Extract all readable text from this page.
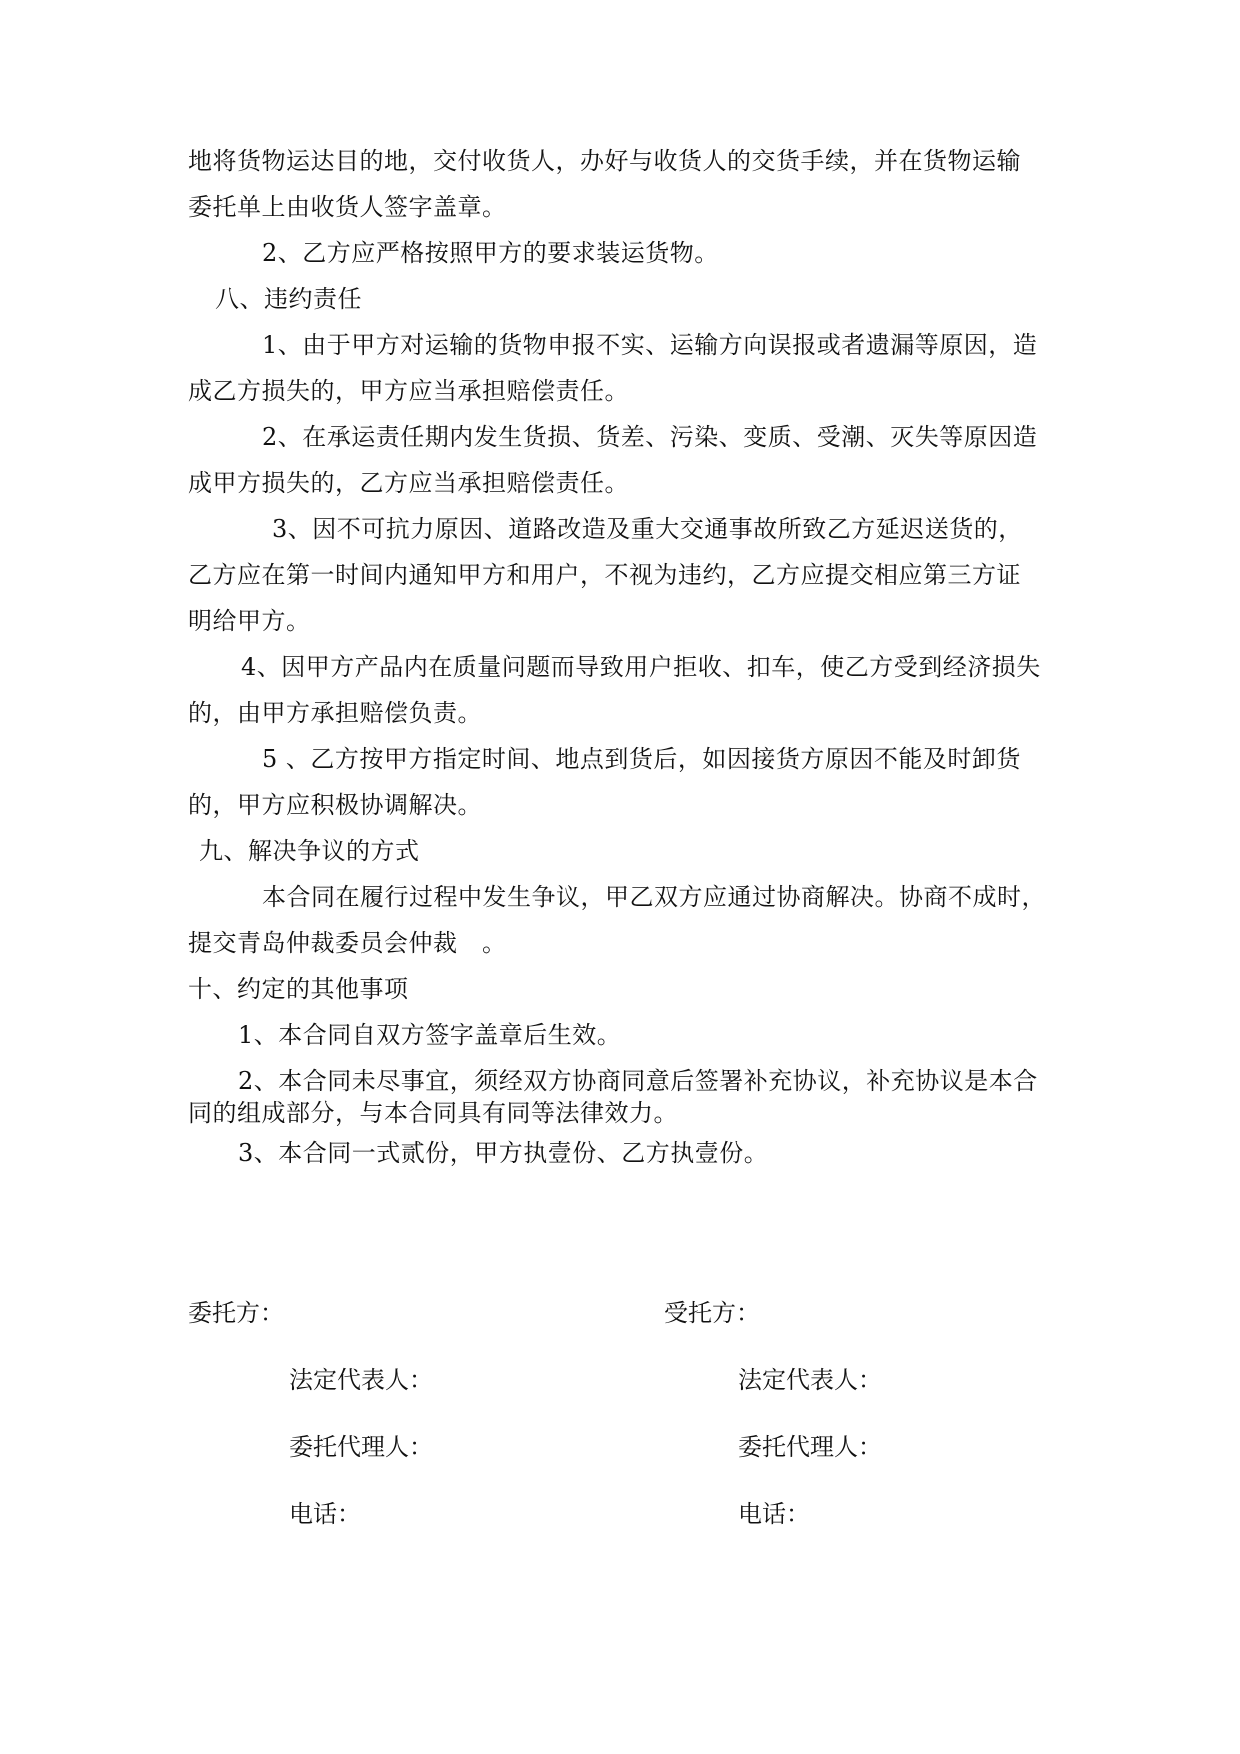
地将货物运达目的地，交付收货人，办好与收货人的交货手续，并在货物运输
委托单上由收货人签字盖章。
2、乙方应严格按照甲方的要求装运货物。
八、违约责任
1、由于甲方对运输的货物申报不实、运输方向误报或者遗漏等原因，造
成乙方损失的，甲方应当承担赔偿责任。
2、在承运责任期内发生货损、货差、污染、变质、受潮、灭失等原因造
成甲方损失的，乙方应当承担赔偿责任。
3、因不可抗力原因、道路改造及重大交通事故所致乙方延迟送货的，
乙方应在第一时间内通知甲方和用户，不视为违约，乙方应提交相应第三方证
明给甲方。
4、因甲方产品内在质量问题而导致用户拒收、扣车，使乙方受到经济损失
的，由甲方承担赔偿负责。
5 、乙方按甲方指定时间、地点到货后，如因接货方原因不能及时卸货
的，甲方应积极协调解决。
九、解决争议的方式
本合同在履行过程中发生争议，甲乙双方应通过协商解决。协商不成时，
提交青岛仲裁委员会仲裁　。
十、约定的其他事项
1、本合同自双方签字盖章后生效。
2、本合同未尽事宜，须经双方协商同意后签署补充协议，补充协议是本合
同的组成部分，与本合同具有同等法律效力。
3、本合同一式贰份，甲方执壹份、乙方执壹份。
委托方：	受托方：
法定代表人：	法定代表人：
委托代理人：	委托代理人：
电话：	电话：
